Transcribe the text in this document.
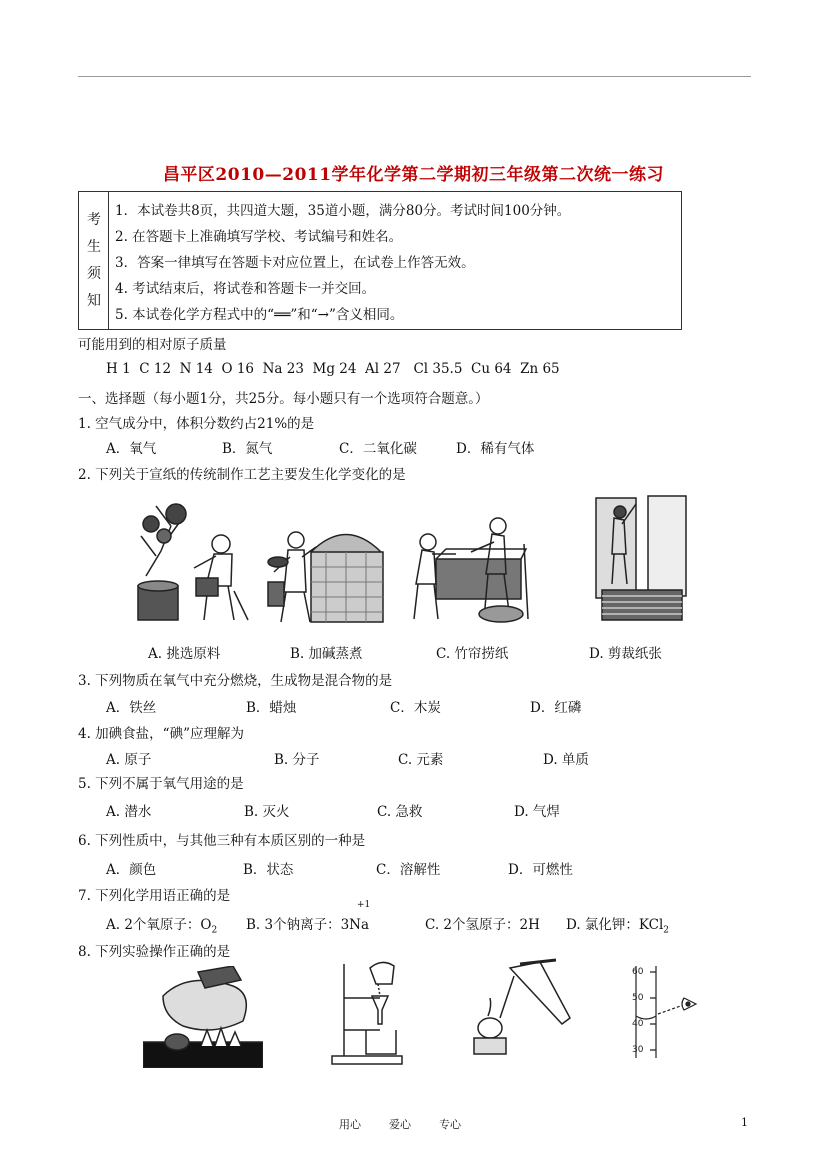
昌平区2010—2011学年化学第二学期初三年级第二次统一练习
考
生
须
知
1．本试卷共8页，共四道大题，35道小题，满分80分。考试时间100分钟。
2. 在答题卡上准确填写学校、考试编号和姓名。
3．答案一律填写在答题卡对应位置上，在试卷上作答无效。
4. 考试结束后，将试卷和答题卡一并交回。
5. 本试卷化学方程式中的“══”和“→”含义相同。
可能用到的相对原子质量
H 1  C 12  N 14  O 16  Na 23  Mg 24  Al 27   Cl 35.5  Cu 64  Zn 65
一、选择题（每小题1分，共25分。每小题只有一个选项符合题意。）
1. 空气成分中，体积分数约占21%的是
A．氧气	B．氮气	C．二氧化碳	D．稀有气体
2. 下列关于宣纸的传统制作工艺主要发生化学变化的是
A. 挑选原料	B. 加碱蒸煮	C. 竹帘捞纸	D. 剪裁纸张
3. 下列物质在氧气中充分燃烧，生成物是混合物的是
A．铁丝	B．蜡烛	C．木炭	D．红磷
4. 加碘食盐，“碘”应理解为
A. 原子	B. 分子	C. 元素	D. 单质
5. 下列不属于氧气用途的是
A. 潜水	B. 灭火	C. 急救	D. 气焊
6. 下列性质中，与其他三种有本质区别的一种是
A．颜色	B．状态	C．溶解性	D．可燃性
7. 下列化学用语正确的是
A. 2个氧原子：$O_2$ B. 3个钠离子：3Na
+1
C. 2个氢原子：2H D. 氯化钾：KCl$_2$
8. 下列实验操作正确的是
60
50
40
30
用心	爱心	专心	1
